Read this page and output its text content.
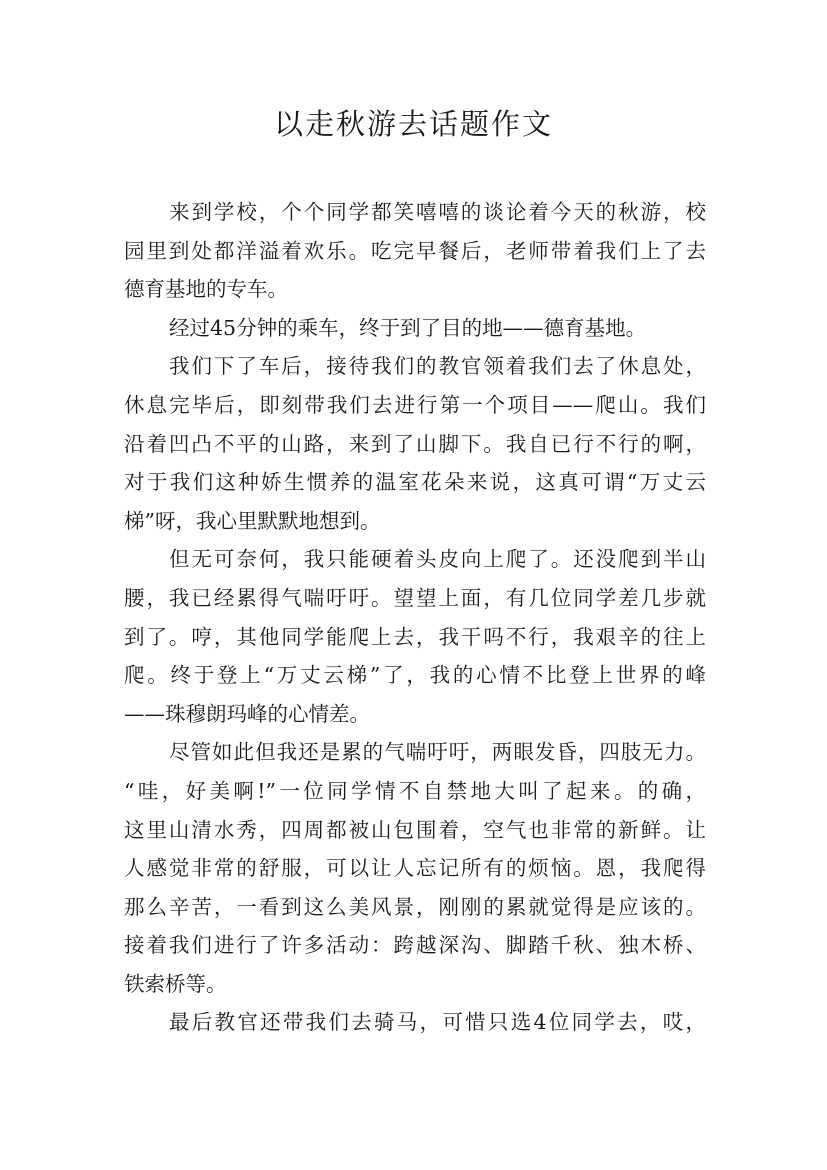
以走秋游去话题作文
来到学校，个个同学都笑嘻嘻的谈论着今天的秋游，校
园里到处都洋溢着欢乐。吃完早餐后，老师带着我们上了去
德育基地的专车。
经过45分钟的乘车，终于到了目的地——德育基地。
我们下了车后，接待我们的教官领着我们去了休息处，
休息完毕后，即刻带我们去进行第一个项目——爬山。我们
沿着凹凸不平的山路，来到了山脚下。我自已行不行的啊，
对于我们这种娇生惯养的温室花朵来说，这真可谓“万丈云
梯”呀，我心里默默地想到。
但无可奈何，我只能硬着头皮向上爬了。还没爬到半山
腰，我已经累得气喘吁吁。望望上面，有几位同学差几步就
到了。哼，其他同学能爬上去，我干吗不行，我艰辛的往上
爬。终于登上“万丈云梯”了，我的心情不比登上世界的峰
——珠穆朗玛峰的心情差。
尽管如此但我还是累的气喘吁吁，两眼发昏，四肢无力。
“哇，好美啊!”一位同学情不自禁地大叫了起来。的确，
这里山清水秀，四周都被山包围着，空气也非常的新鲜。让
人感觉非常的舒服，可以让人忘记所有的烦恼。恩，我爬得
那么辛苦，一看到这么美风景，刚刚的累就觉得是应该的。
接着我们进行了许多活动：跨越深沟、脚踏千秋、独木桥、
铁索桥等。
最后教官还带我们去骑马，可惜只选4位同学去，哎，
